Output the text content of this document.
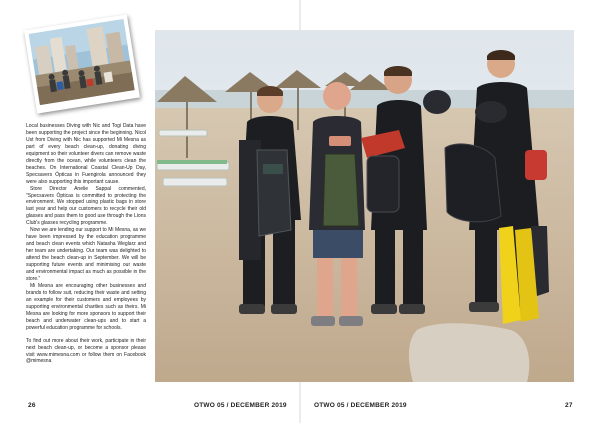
Local businesses Diving with Nic and Togi Data have been supporting the project since the beginning. Nicol Ust from Diving with Nic has supported Mi Mesna as part of every beach clean-up, donating diving equipment so their volunteer divers can remove waste directly from the ocean, while volunteers clean the beaches. On International Coastal Clean-Up Day, Specsavers Ópticas in Fuengirola announced they were also supporting this important cause.

Store Director Anelie Sappal commented, "Specsavers Ópticas is committed to protecting the environment. We stopped using plastic bags in store last year and help our customers to recycle their old glasses and pass them to good use through the Lions Club's glasses recycling programme.

Now we are lending our support to Mi Mesna, as we have been impressed by the education programme and beach clean events which Natasha Weglarz and her team are undertaking. Our team was delighted to attend the beach clean-up in September. We will be supporting future events and minimising our waste and environmental impact as much as possible in the store."

Mi Mesna are encouraging other businesses and brands to follow suit, reducing their waste and setting an example for their customers and employees by supporting environmental charities such as theirs. Mi Mesna are looking for more sponsors to support their beach and underwater clean-ups and to start a powerful education programme for schools.

To find out more about their work, participate in their next beach clean-up, or become a sponsor please visit www.mimesna.com or follow them on Facebook @mimesna

26	OTWO 05 / DECEMBER 2019	OTWO 05 / DECEMBER 2019	27
